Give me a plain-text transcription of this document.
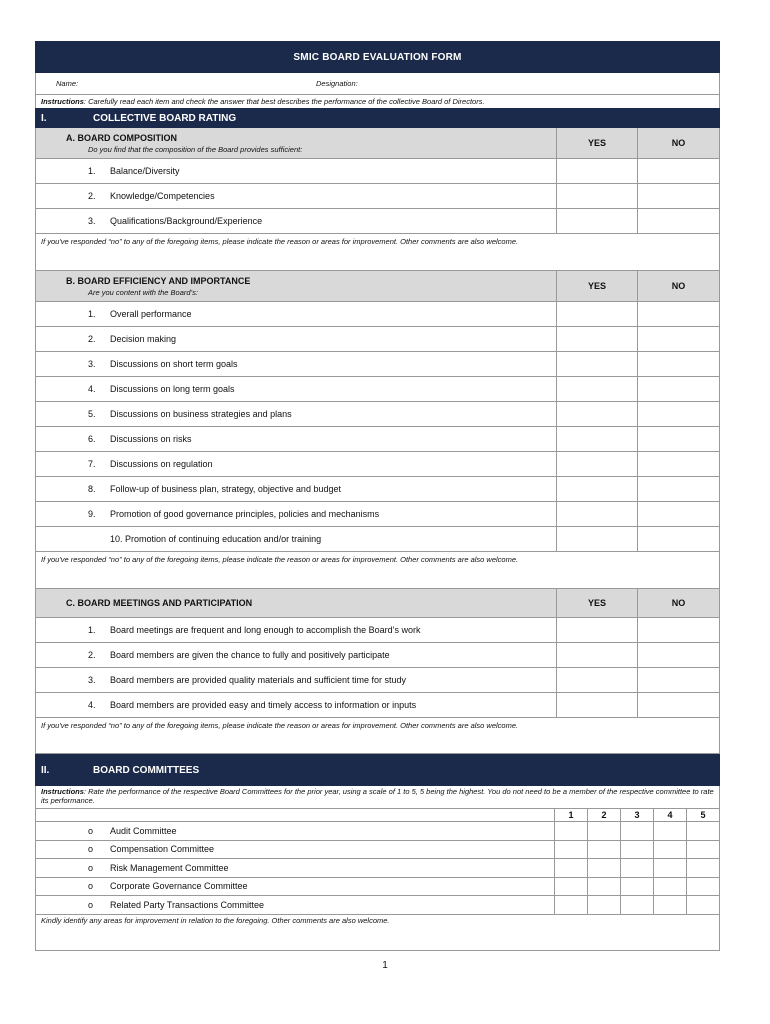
SMIC BOARD EVALUATION FORM
Name:	Designation:
Instructions : Carefully read each item and check the answer that best describes the performance of the collective Board of Directors.
I.	COLLECTIVE BOARD RATING
A. BOARD COMPOSITION
Do you find that the composition of the Board provides sufficient:
YES	NO
1.	Balance/Diversity
2.	Knowledge/Competencies
3.	Qualifications/Background/Experience
If you've responded “no” to any of the foregoing items, please indicate the reason or areas for improvement. Other comments are also welcome.
B. BOARD EFFICIENCY AND IMPORTANCE
Are you content with the Board’s:
YES	NO
1.	Overall performance
2.	Decision making
3.	Discussions on short term goals
4.	Discussions on long term goals
5.	Discussions on business strategies and plans
6.	Discussions on risks
7.	Discussions on regulation
8.	Follow-up of business plan, strategy, objective and budget
9.	Promotion of good governance principles, policies and mechanisms
10. Promotion of continuing education and/or training
If you've responded “no” to any of the foregoing items, please indicate the reason or areas for improvement. Other comments are also welcome.
C. BOARD MEETINGS AND PARTICIPATION	YES	NO
1.	Board meetings are frequent and long enough to accomplish the Board’s work
2.	Board members are given the chance to fully and positively participate
3.	Board members are provided quality materials and sufficient time for study
4.	Board members are provided easy and timely access to information or inputs
If you've responded “no” to any of the foregoing items, please indicate the reason or areas for improvement. Other comments are also welcome.
II.	BOARD COMMITTEES
Instructions: Rate the performance of the respective Board Committees for the prior year, using a scale of 1 to 5, 5 being the highest. You do not need to be a member of the respective committee to rate its performance.
1	2	3	4	5
o	Audit Committee
o	Compensation Committee
o	Risk Management Committee
o	Corporate Governance Committee
o	Related Party Transactions Committee
Kindly identify any areas for improvement in relation to the foregoing. Other comments are also welcome.
1
